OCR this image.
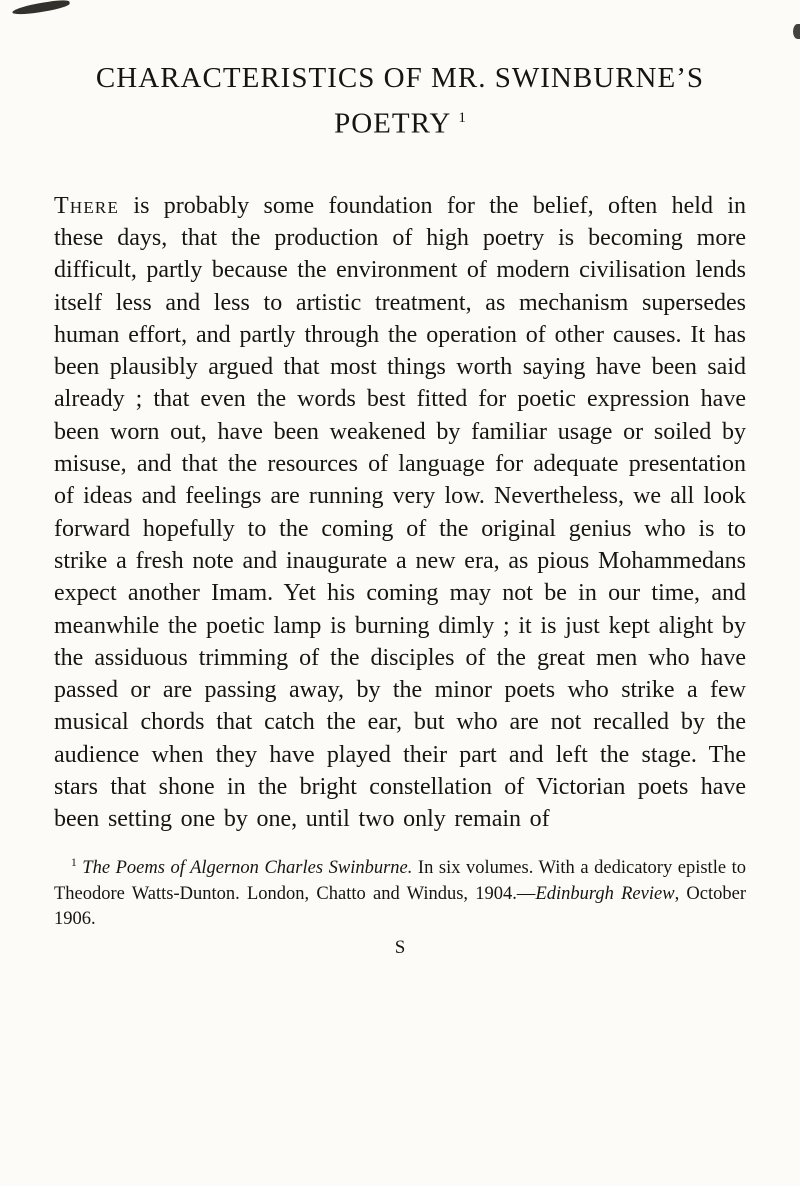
CHARACTERISTICS OF MR. SWINBURNE’S
POETRY $^1$

There is probably some foundation for the belief, often held in these days, that the production of high poetry is becoming more difficult, partly because the environment of modern civilisation lends itself less and less to artistic treatment, as mechanism supersedes human effort, and partly through the operation of other causes. It has been plausibly argued that most things worth saying have been said already ; that even the words best fitted for poetic expression have been worn out, have been weakened by familiar usage or soiled by misuse, and that the resources of language for adequate presentation of ideas and feelings are running very low. Nevertheless, we all look forward hopefully to the coming of the original genius who is to strike a fresh note and inaugurate a new era, as pious Mohammedans expect another Imam. Yet his coming may not be in our time, and meanwhile the poetic lamp is burning dimly ; it is just kept alight by the assiduous trimming of the disciples of the great men who have passed or are passing away, by the minor poets who strike a few musical chords that catch the ear, but who are not recalled by the audience when they have played their part and left the stage. The stars that shone in the bright constellation of Victorian poets have been setting one by one, until two only remain of

$^1$ The Poems of Algernon Charles Swinburne. In six volumes. With a dedicatory epistle to Theodore Watts-Dunton. London, Chatto and Windus, 1904.—Edinburgh Review, October 1906.
S
